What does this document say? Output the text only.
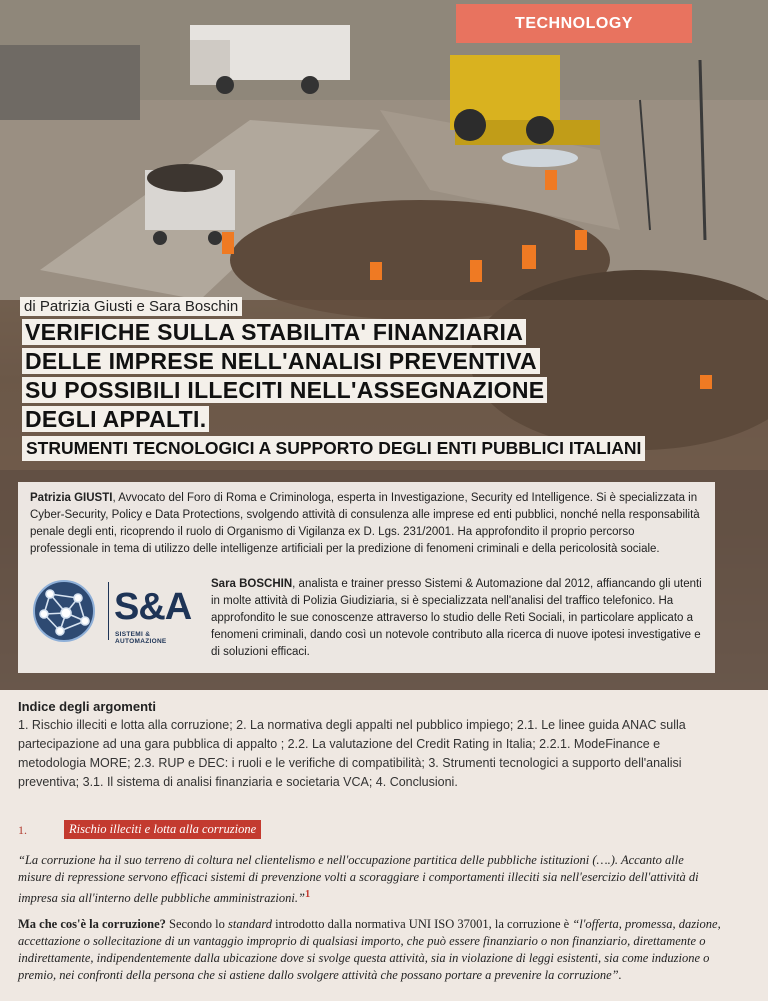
TECHNOLOGY
di Patrizia Giusti e Sara Boschin
VERIFICHE SULLA STABILITA' FINANZIARIA
DELLE IMPRESE NELL'ANALISI PREVENTIVA
SU POSSIBILI ILLECITI NELL'ASSEGNAZIONE
DEGLI APPALTI.
STRUMENTI TECNOLOGICI A SUPPORTO DEGLI ENTI PUBBLICI ITALIANI
Patrizia GIUSTI, Avvocato del Foro di Roma e Criminologa, esperta in Investigazione, Security ed Intelligence. Si è specializzata in Cyber-Security, Policy e Data Protections, svolgendo attività di consulenza alle imprese ed enti pubblici, nonché nella responsabilità penale degli enti, ricoprendo il ruolo di Organismo di Vigilanza ex D. Lgs. 231/2001. Ha approfondito il proprio percorso professionale in tema di utilizzo delle intelligenze artificiali per la predizione di fenomeni criminali e della pericolosità sociale.
S&A
SISTEMI & AUTOMAZIONE
Sara BOSCHIN, analista e trainer presso Sistemi & Automazione dal 2012, affiancando gli utenti in molte attività di Polizia Giudiziaria, si è specializzata nell'analisi del traffico telefonico. Ha approfondito le sue conoscenze attraverso lo studio delle Reti Sociali, in particolare applicato a fenomeni criminali, dando così un notevole contributo alla ricerca di nuove ipotesi investigative e di soluzioni efficaci.
Indice degli argomenti
1. Rischio illeciti e lotta alla corruzione; 2. La normativa degli appalti nel pubblico impiego; 2.1. Le linee guida ANAC sulla partecipazione ad una gara pubblica di appalto ; 2.2. La valutazione del Credit Rating in Italia; 2.2.1. ModeFinance e metodologia MORE; 2.3. RUP e DEC: i ruoli e le verifiche di compatibilità; 3. Strumenti tecnologici a supporto dell'analisi preventiva; 3.1. Il sistema di analisi finanziaria e societaria VCA; 4. Conclusioni.
1.	Rischio illeciti e lotta alla corruzione
“La corruzione ha il suo terreno di coltura nel clientelismo e nell'occupazione partitica delle pubbliche istituzioni (….). Accanto alle misure di repressione servono efficaci sistemi di prevenzione volti a scoraggiare i comportamenti illeciti sia nell'esercizio dell'attività di impresa sia all'interno delle pubbliche amministrazioni.”$^1$
Ma che cos'è la corruzione? Secondo lo standard introdotto dalla normativa UNI ISO 37001, la corruzione è “l'offerta, promessa, dazione, accettazione o sollecitazione di un vantaggio improprio di qualsiasi importo, che può essere finanziario o non finanziario, direttamente o indirettamente, indipendentemente dalla ubicazione dove si svolge questa attività, sia in violazione di leggi esistenti, sia come induzione o premio, nei confronti della persona che si astiene dallo svolgere attività che possano portare a prevenire la corruzione”.
